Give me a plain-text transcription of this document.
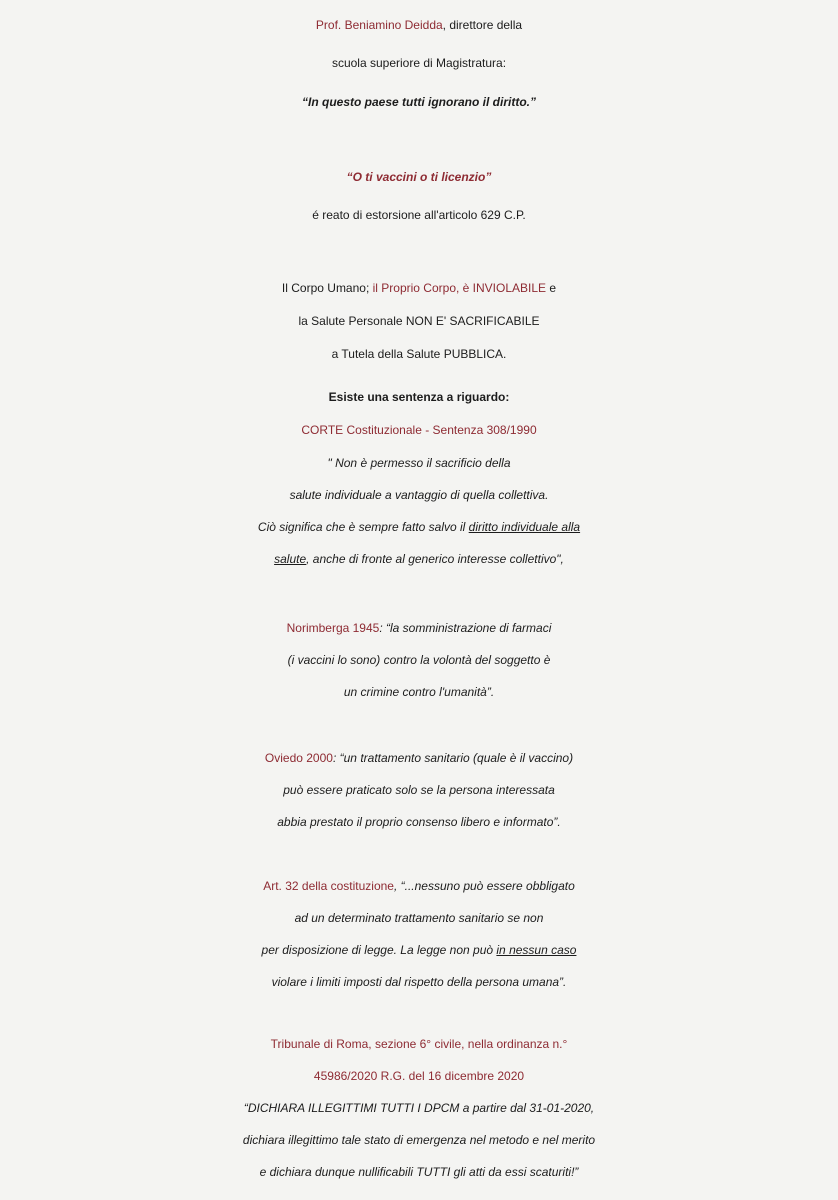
Prof. Beniamino Deidda, direttore della
scuola superiore di Magistratura:
“In questo paese tutti ignorano il diritto.”
“O ti vaccini o ti licenzio”
é reato di estorsione all'articolo 629 C.P.
Il Corpo Umano; il Proprio Corpo, è INVIOLABILE e
la Salute Personale NON E' SACRIFICABILE
a Tutela della Salute PUBBLICA.
Esiste una sentenza a riguardo:
CORTE Costituzionale - Sentenza 308/1990
" Non è permesso il sacrificio della
salute individuale a vantaggio di quella collettiva.
Ciò significa che è sempre fatto salvo il diritto individuale alla
salute, anche di fronte al generico interesse collettivo",
Norimberga 1945: “la somministrazione di farmaci
(i vaccini lo sono) contro la volontà del soggetto è
un crimine contro l'umanità”.
Oviedo 2000: “un trattamento sanitario (quale è il vaccino)
può essere praticato solo se la persona interessata
abbia prestato il proprio consenso libero e informato”.
Art. 32 della costituzione, “...nessuno può essere obbligato
ad un determinato trattamento sanitario se non
per disposizione di legge. La legge non può in nessun caso
violare i limiti imposti dal rispetto della persona umana”.
Tribunale di Roma, sezione 6° civile, nella ordinanza n.°
45986/2020 R.G. del 16 dicembre 2020
“DICHIARA ILLEGITTIMI TUTTI I DPCM a partire dal 31-01-2020,
dichiara illegittimo tale stato di emergenza nel metodo e nel merito
e dichiara dunque nullificabili TUTTI gli atti da essi scaturiti!”
